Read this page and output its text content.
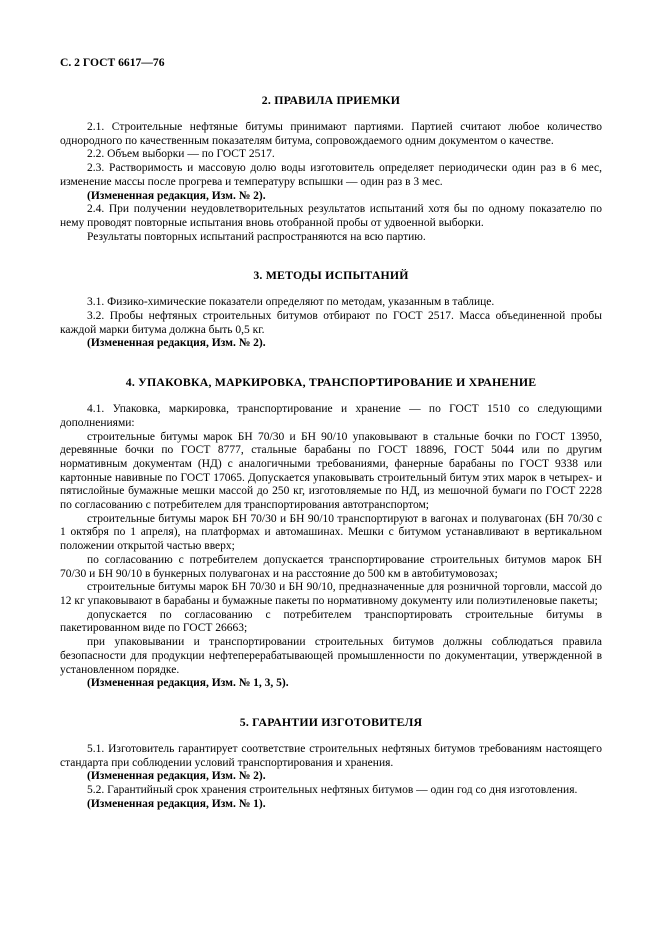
С. 2 ГОСТ 6617—76
2. ПРАВИЛА ПРИЕМКИ

2.1. Строительные нефтяные битумы принимают партиями. Партией считают любое количество однородного по качественным показателям битума, сопровождаемого одним документом о качестве.

2.2. Объем выборки — по ГОСТ 2517.

2.3. Растворимость и массовую долю воды изготовитель определяет периодически один раз в 6 мес, изменение массы после прогрева и температуру вспышки — один раз в 3 мес.

(Измененная редакция, Изм. № 2).

2.4. При получении неудовлетворительных результатов испытаний хотя бы по одному показателю по нему проводят повторные испытания вновь отобранной пробы от удвоенной выборки.

Результаты повторных испытаний распространяются на всю партию.

3. МЕТОДЫ ИСПЫТАНИЙ

3.1. Физико-химические показатели определяют по методам, указанным в таблице.

3.2. Пробы нефтяных строительных битумов отбирают по ГОСТ 2517. Масса объединенной пробы каждой марки битума должна быть 0,5 кг.

(Измененная редакция, Изм. № 2).

4. УПАКОВКА, МАРКИРОВКА, ТРАНСПОРТИРОВАНИЕ И ХРАНЕНИЕ

4.1. Упаковка, маркировка, транспортирование и хранение — по ГОСТ 1510 со следующими дополнениями:

строительные битумы марок БН 70/30 и БН 90/10 упаковывают в стальные бочки по ГОСТ 13950, деревянные бочки по ГОСТ 8777, стальные барабаны по ГОСТ 18896, ГОСТ 5044 или по другим нормативным документам (НД) с аналогичными требованиями, фанерные барабаны по ГОСТ 9338 или картонные навивные по ГОСТ 17065. Допускается упаковывать строительный битум этих марок в четырех- и пятислойные бумажные мешки массой до 250 кг, изготовляемые по НД, из мешочной бумаги по ГОСТ 2228 по согласованию с потребителем для транспортирования автотранспортом;

строительные битумы марок БН 70/30 и БН 90/10 транспортируют в вагонах и полувагонах (БН 70/30 с 1 октября по 1 апреля), на платформах и автомашинах. Мешки с битумом устанавливают в вертикальном положении открытой частью вверх;

по согласованию с потребителем допускается транспортирование строительных битумов марок БН 70/30 и БН 90/10 в бункерных полувагонах и на расстояние до 500 км в автобитумовозах;

строительные битумы марок БН 70/30 и БН 90/10, предназначенные для розничной торговли, массой до 12 кг упаковывают в барабаны и бумажные пакеты по нормативному документу или полиэтиленовые пакеты;

допускается по согласованию с потребителем транспортировать строительные битумы в пакетированном виде по ГОСТ 26663;

при упаковывании и транспортировании строительных битумов должны соблюдаться правила безопасности для продукции нефтеперерабатывающей промышленности по документации, утвержденной в установленном порядке.

(Измененная редакция, Изм. № 1, 3, 5).

5. ГАРАНТИИ ИЗГОТОВИТЕЛЯ

5.1. Изготовитель гарантирует соответствие строительных нефтяных битумов требованиям настоящего стандарта при соблюдении условий транспортирования и хранения.

(Измененная редакция, Изм. № 2).

5.2. Гарантийный срок хранения строительных нефтяных битумов — один год со дня изготовления.

(Измененная редакция, Изм. № 1).
